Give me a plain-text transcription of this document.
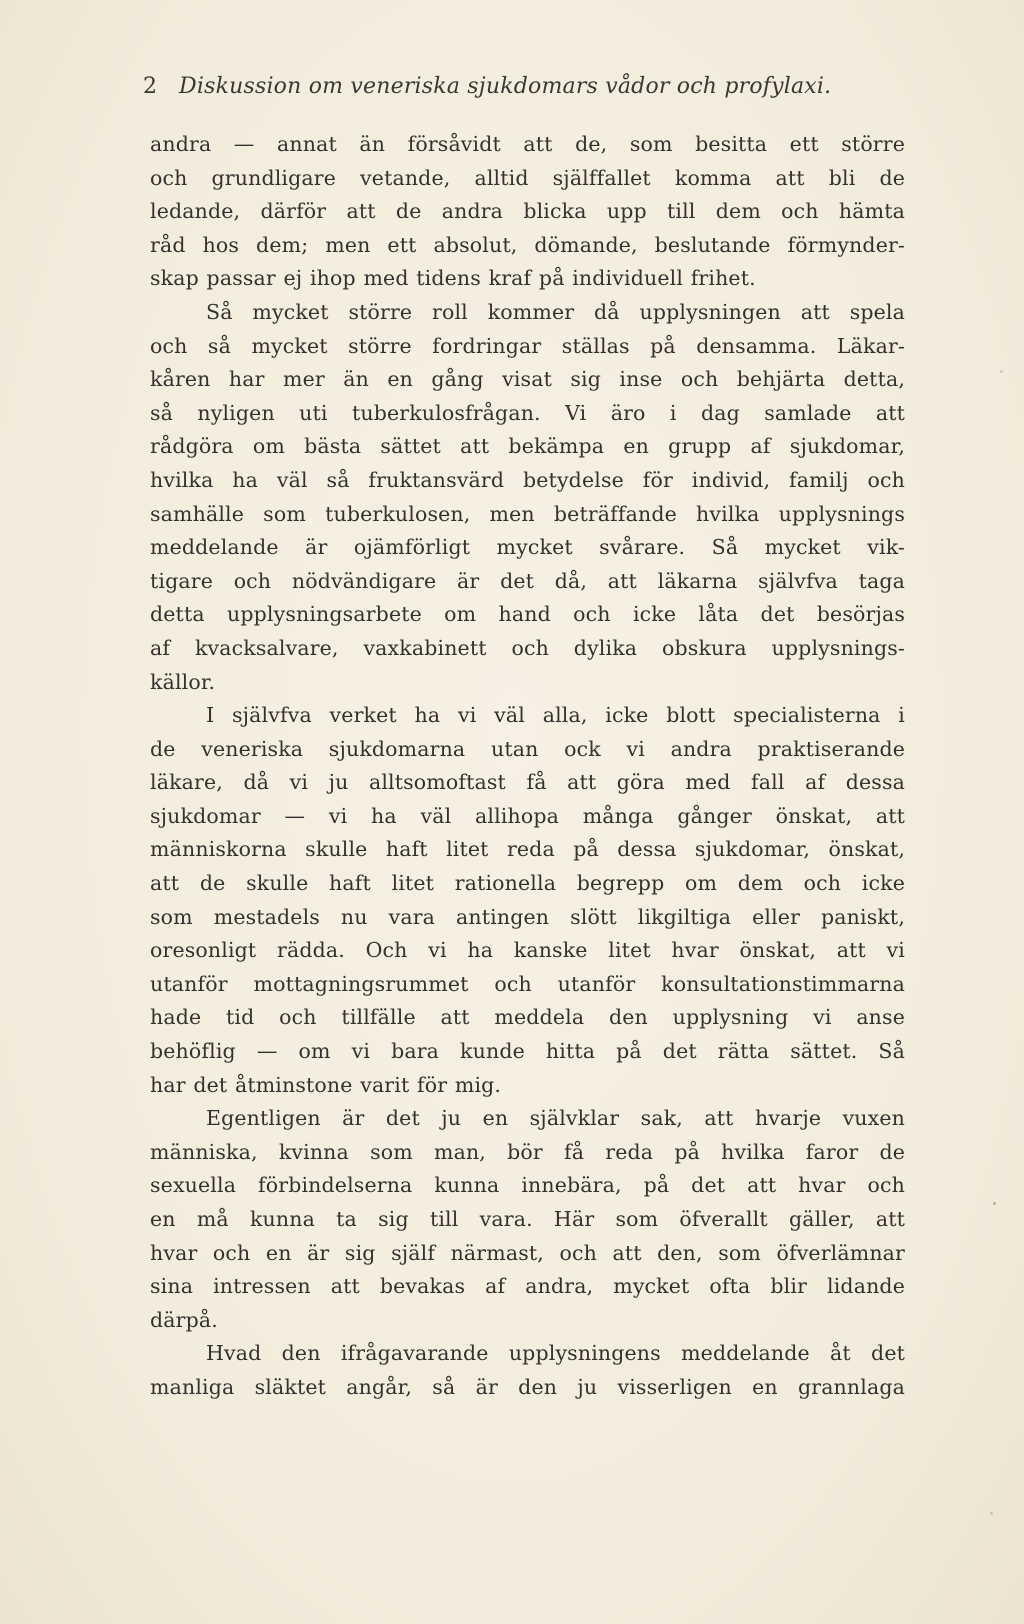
2 Diskussion om veneriska sjukdomars vådor och profylaxi.
andra — annat än försåvidt att de, som besitta ett större
och grundligare vetande, alltid själffallet komma att bli de
ledande, därför att de andra blicka upp till dem och hämta
råd hos dem; men ett absolut, dömande, beslutande förmynder-
skap passar ej ihop med tidens kraf på individuell frihet.
Så mycket större roll kommer då upplysningen att spela
och så mycket större fordringar ställas på densamma. Läkar-
kåren har mer än en gång visat sig inse och behjärta detta,
så nyligen uti tuberkulosfrågan. Vi äro i dag samlade att
rådgöra om bästa sättet att bekämpa en grupp af sjukdomar,
hvilka ha väl så fruktansvärd betydelse för individ, familj och
samhälle som tuberkulosen, men beträffande hvilka upplysnings
meddelande är ojämförligt mycket svårare. Så mycket vik-
tigare och nödvändigare är det då, att läkarna självfva taga
detta upplysningsarbete om hand och icke låta det besörjas
af kvacksalvare, vaxkabinett och dylika obskura upplysnings-
källor.
I självfva verket ha vi väl alla, icke blott specialisterna i
de veneriska sjukdomarna utan ock vi andra praktiserande
läkare, då vi ju alltsomoftast få att göra med fall af dessa
sjukdomar — vi ha väl allihopa många gånger önskat, att
människorna skulle haft litet reda på dessa sjukdomar, önskat,
att de skulle haft litet rationella begrepp om dem och icke
som mestadels nu vara antingen slött likgiltiga eller paniskt,
oresonligt rädda. Och vi ha kanske litet hvar önskat, att vi
utanför mottagningsrummet och utanför konsultationstimmarna
hade tid och tillfälle att meddela den upplysning vi anse
behöflig — om vi bara kunde hitta på det rätta sättet. Så
har det åtminstone varit för mig.
Egentligen är det ju en självklar sak, att hvarje vuxen
människa, kvinna som man, bör få reda på hvilka faror de
sexuella förbindelserna kunna innebära, på det att hvar och
en må kunna ta sig till vara. Här som öfverallt gäller, att
hvar och en är sig själf närmast, och att den, som öfverlämnar
sina intressen att bevakas af andra, mycket ofta blir lidande
därpå.
Hvad den ifrågavarande upplysningens meddelande åt det
manliga släktet angår, så är den ju visserligen en grannlaga
